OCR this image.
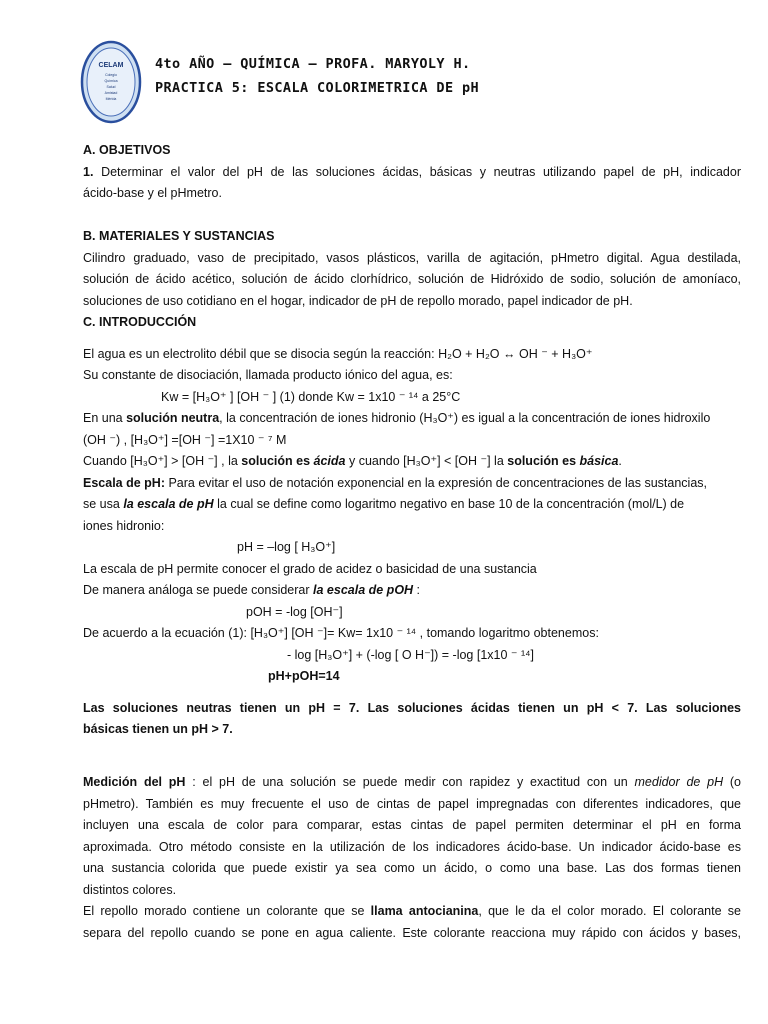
CELAM
Colegio
Química
Salud
Amistad
Mérida
4to AÑO – QUÍMICA – PROFA. MARYOLY H.
PRACTICA 5: ESCALA COLORIMETRICA DE pH
A. OBJETIVOS
1. Determinar el valor del pH de las soluciones ácidas, básicas y neutras utilizando papel de pH, indicador
ácido-base y el pHmetro.
B. MATERIALES Y SUSTANCIAS
Cilindro graduado, vaso de precipitado, vasos plásticos, varilla de agitación, pHmetro digital. Agua destilada,
solución de ácido acético, solución de ácido clorhídrico, solución de Hidróxido de sodio, solución de amoníaco,
soluciones de uso cotidiano en el hogar, indicador de pH de repollo morado, papel indicador de pH.
C. INTRODUCCIÓN
El agua es un electrolito débil que se disocia según la reacción: H₂O + H₂O ↔ OH ⁻ + H₃O⁺
Su constante de disociación, llamada producto iónico del agua, es:
Kw = [H₃O⁺ ] [OH ⁻ ] (1) donde Kw = 1x10 ⁻ ¹⁴ a 25°C
En una solución neutra, la concentración de iones hidronio (H₃O⁺) es igual a la concentración de iones hidroxilo
(OH ⁻) , [H₃O⁺] =[OH ⁻] =1X10 ⁻ ⁷ M
Cuando [H₃O⁺] > [OH ⁻] , la solución es ácida y cuando [H₃O⁺] < [OH ⁻] la solución es básica.
Escala de pH: Para evitar el uso de notación exponencial en la expresión de concentraciones de las sustancias,
se usa la escala de pH la cual se define como logaritmo negativo en base 10 de la concentración (mol/L) de
iones hidronio:
pH = –log [ H₃O⁺]
La escala de pH permite conocer el grado de acidez o basicidad de una sustancia
De manera análoga se puede considerar la escala de pOH :
pOH = -log [OH⁻]
De acuerdo a la ecuación (1): [H₃O⁺] [OH ⁻]= Kw= 1x10 ⁻ ¹⁴ , tomando logaritmo obtenemos:
- log [H₃O⁺] + (-log [ O H⁻]) = -log [1x10 ⁻ ¹⁴]
pH+pOH=14
Las soluciones neutras tienen un pH = 7. Las soluciones ácidas tienen un pH < 7. Las soluciones
básicas tienen un pH > 7.
Medición del pH : el pH de una solución se puede medir con rapidez y exactitud con un medidor de pH (o
pHmetro). También es muy frecuente el uso de cintas de papel impregnadas con diferentes indicadores, que
incluyen una escala de color para comparar, estas cintas de papel permiten determinar el pH en forma
aproximada. Otro método consiste en la utilización de los indicadores ácido-base. Un indicador ácido-base es
una sustancia colorida que puede existir ya sea como un ácido, o como una base. Las dos formas tienen
distintos colores.
El repollo morado contiene un colorante que se llama antocianina, que le da el color morado. El colorante se
separa del repollo cuando se pone en agua caliente. Este colorante reacciona muy rápido con ácidos y bases,
